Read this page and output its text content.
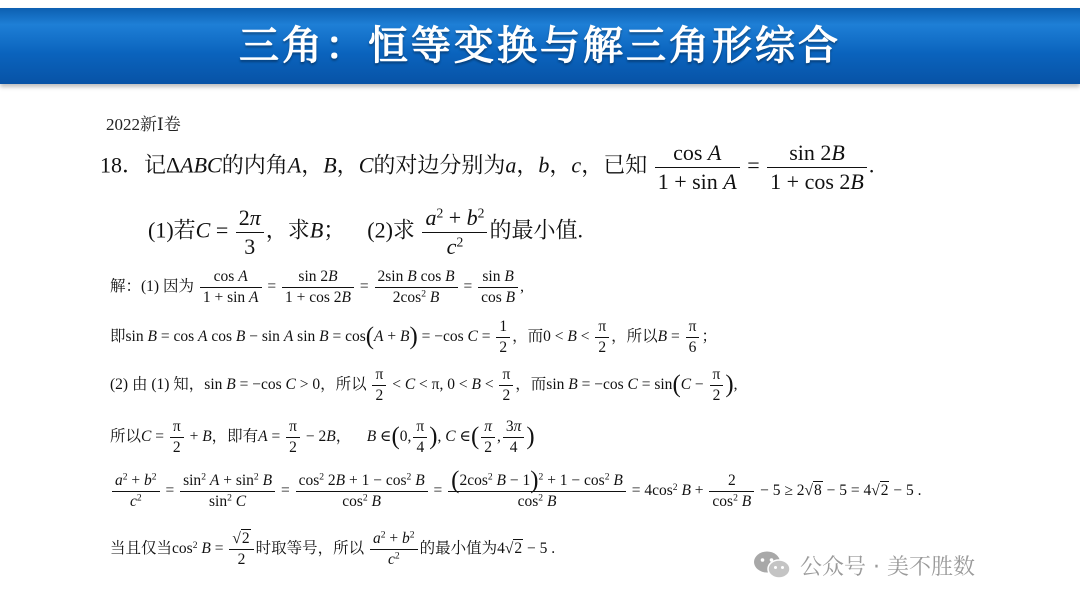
三角：恒等变换与解三角形综合
2022新Ⅰ卷
18．记ΔABC的内角A，B，C的对边分别为a，b，c，已知 $\frac{\text{cos A}}{\text{1 + sin A}} = \frac{\sin 2B}{1 + \cos 2B}$ .
(1)若$C = \frac{2\pi}{3}$ ，求B；    (2)求 $\frac{a^2 + b^2}{c^2}$ 的最小值.
解：(1) 因为 $\frac{\text{cos A}}{\text{1 + sin A}} = \frac{\sin 2B}{1 + \cos 2B} = \frac{\text{2sin B cos B}}{2\cos^2 B} = \frac{\text{sin B}}{\text{cos B}}$ ,
即sin B = cos A cos B − sin A sin B = cos(A + B) = −cos $C = \frac{1}{2}$ ，而$0 < B < \frac{\pi}{2}$ ，所以$B = \frac{\pi}{6}$ ；
(2) 由 (1) 知，sin B = −cos C > 0，所以 $\frac{\pi}{2} < C < \pi$, $0 < B < \frac{\pi}{2}$ ，而sin B = −cos $C = \sin(C - \frac{\pi}{2}$ ),
所以$C = \frac{\pi}{2} + B$，即有$A = \frac{\pi}{2} - 2B$，    B ∈(0, $\frac{\pi}{4}$ ), C ∈( $\frac{\pi}{2}$ , $\frac{3\pi}{4}$ )
$\frac{a^2 + b^2}{c^2} = \frac{\sin^2 A + \sin^2 B}{\sin^2 C} = \frac{\cos^2 2B + 1 - \cos^2 B}{\cos^2 B} = \frac{(2\cos^2 B - 1)^2 + 1 - \cos^2 B}{\cos^2 B} = 4\cos^2$ $B + \frac{2}{\cos^2 B} - 5 \ge 2√8 - 5 = 4√2 - 5$ .
当且仅当$\cos^2 B = \frac{√2}{2}$ 时取等号，所以 $\frac{a^2 + b^2}{c^2}$ 的最小值为4√2 − 5 .
公众号 · 美不胜数
